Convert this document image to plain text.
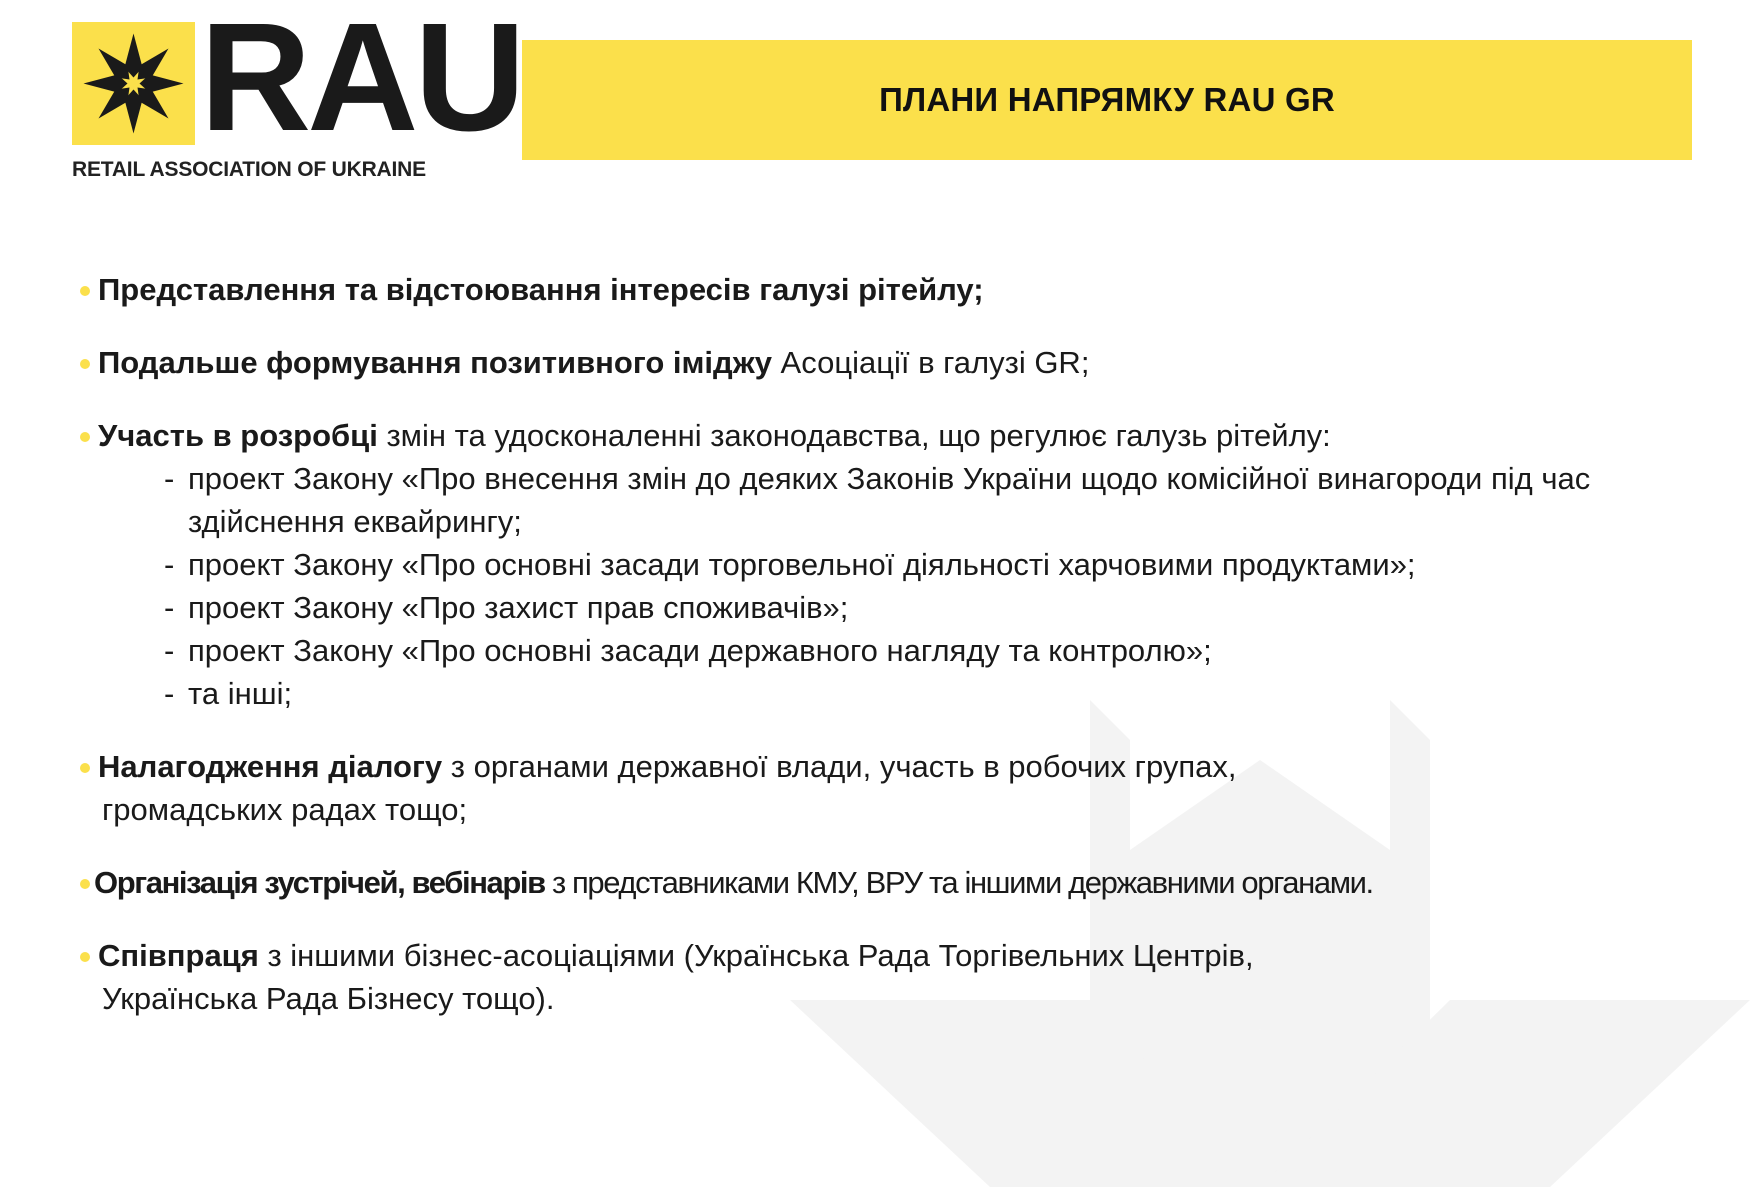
RAU
RETAIL ASSOCIATION OF UKRAINE
ПЛАНИ НАПРЯМКУ RAU GR
Представлення та відстоювання інтересів галузі рітейлу;
Подальше формування позитивного іміджу Асоціації в галузі GR;
Участь в розробці змін та удосконаленні законодавства, що регулює галузь рітейлу:
- проект Закону «Про внесення змін до деяких Законів України щодо комісійної винагороди під час здійснення еквайрингу;
- проект Закону «Про основні засади торговельної діяльності харчовими продуктами»;
- проект Закону «Про захист прав споживачів»;
- проект Закону «Про основні засади державного нагляду та контролю»;
- та інші;
Налагодження діалогу з органами державної влади, участь в робочих групах,
громадських радах тощо;
Організація зустрічей, вебінарів з представниками КМУ, ВРУ та іншими державними органами.
Співпраця з іншими бізнес-асоціаціями (Українська Рада Торгівельних Центрів,
Українська Рада Бізнесу тощо).
